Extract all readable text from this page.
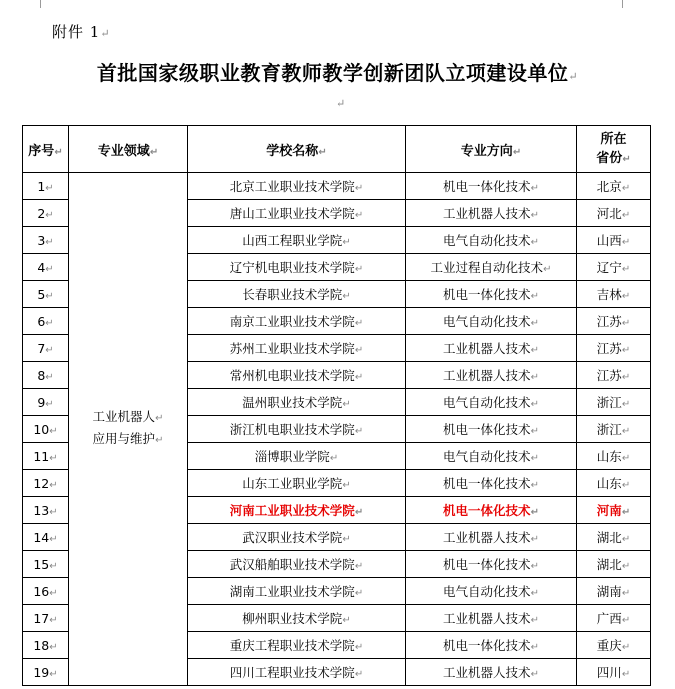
附件 1↵
首批国家级职业教育教师教学创新团队立项建设单位↵
↵
序号↵	专业领域↵	学校名称↵	专业方向↵	所在
省份↵
1↵	工业机器人↵
应用与维护↵	北京工业职业技术学院↵	机电一体化技术↵	北京↵
2↵		唐山工业职业技术学院↵	工业机器人技术↵	河北↵
3↵		山西工程职业学院↵	电气自动化技术↵	山西↵
4↵		辽宁机电职业技术学院↵	工业过程自动化技术↵	辽宁↵
5↵		长春职业技术学院↵	机电一体化技术↵	吉林↵
6↵		南京工业职业技术学院↵	电气自动化技术↵	江苏↵
7↵		苏州工业职业技术学院↵	工业机器人技术↵	江苏↵
8↵		常州机电职业技术学院↵	工业机器人技术↵	江苏↵
9↵		温州职业技术学院↵	电气自动化技术↵	浙江↵
10↵		浙江机电职业技术学院↵	机电一体化技术↵	浙江↵
11↵		淄博职业学院↵	电气自动化技术↵	山东↵
12↵		山东工业职业学院↵	机电一体化技术↵	山东↵
13↵		河南工业职业技术学院↵	机电一体化技术↵	河南↵
14↵		武汉职业技术学院↵	工业机器人技术↵	湖北↵
15↵		武汉船舶职业技术学院↵	机电一体化技术↵	湖北↵
16↵		湖南工业职业技术学院↵	电气自动化技术↵	湖南↵
17↵		柳州职业技术学院↵	工业机器人技术↵	广西↵
18↵		重庆工程职业技术学院↵	机电一体化技术↵	重庆↵
19↵		四川工程职业技术学院↵	工业机器人技术↵	四川↵
